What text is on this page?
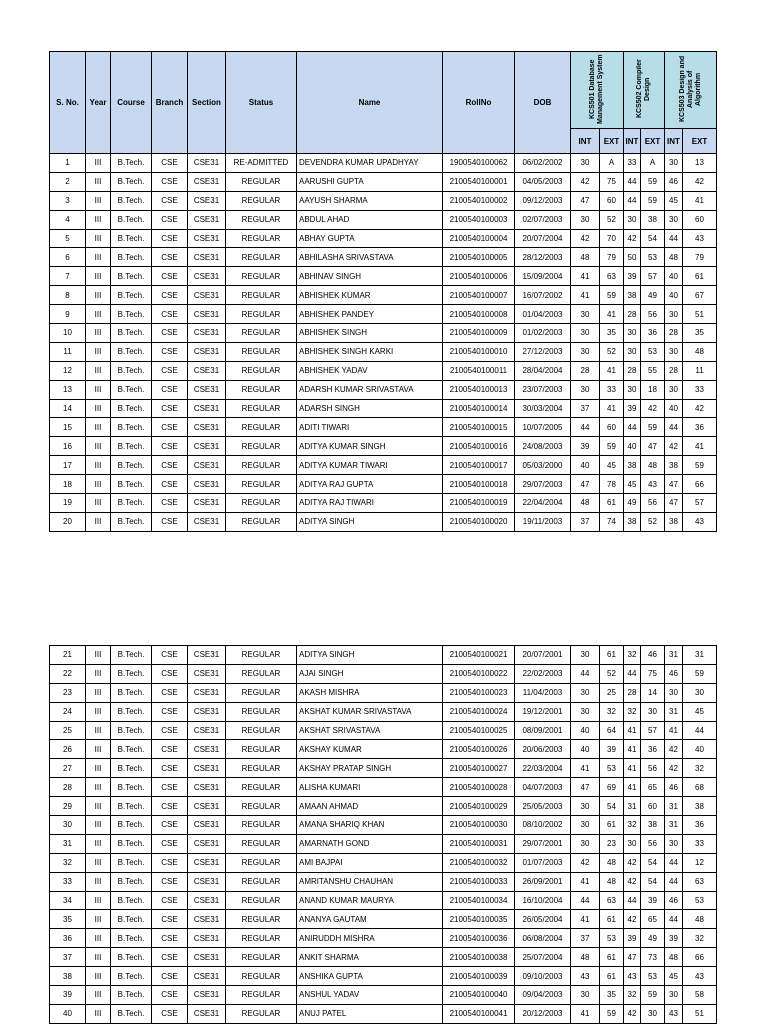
S. No.	Year	Course	Branch	Section	Status	Name	RollNo	DOB	KCS501 Database Management System		KCS502 Compiler Design		KCS503 Design and Analysis of Algorithm	
									INT	EXT	INT	EXT	INT	EXT
1	III	B.Tech.	CSE	CSE31	RE-ADMITTED	DEVENDRA KUMAR UPADHYAY	1900540100062	06/02/2002	30	A	33	A	30	13
2	III	B.Tech.	CSE	CSE31	REGULAR	AARUSHI GUPTA	2100540100001	04/05/2003	42	75	44	59	46	42
3	III	B.Tech.	CSE	CSE31	REGULAR	AAYUSH SHARMA	2100540100002	09/12/2003	47	60	44	59	45	41
4	III	B.Tech.	CSE	CSE31	REGULAR	ABDUL AHAD	2100540100003	02/07/2003	30	52	30	38	30	60
5	III	B.Tech.	CSE	CSE31	REGULAR	ABHAY GUPTA	2100540100004	20/07/2004	42	70	42	54	44	43
6	III	B.Tech.	CSE	CSE31	REGULAR	ABHILASHA SRIVASTAVA	2100540100005	28/12/2003	48	79	50	53	48	79
7	III	B.Tech.	CSE	CSE31	REGULAR	ABHINAV SINGH	2100540100006	15/09/2004	41	63	39	57	40	61
8	III	B.Tech.	CSE	CSE31	REGULAR	ABHISHEK KUMAR	2100540100007	16/07/2002	41	59	38	49	40	67
9	III	B.Tech.	CSE	CSE31	REGULAR	ABHISHEK PANDEY	2100540100008	01/04/2003	30	41	28	56	30	51
10	III	B.Tech.	CSE	CSE31	REGULAR	ABHISHEK SINGH	2100540100009	01/02/2003	30	35	30	36	28	35
11	III	B.Tech.	CSE	CSE31	REGULAR	ABHISHEK SINGH KARKI	2100540100010	27/12/2003	30	52	30	53	30	48
12	III	B.Tech.	CSE	CSE31	REGULAR	ABHISHEK YADAV	2100540100011	28/04/2004	28	41	28	55	28	11
13	III	B.Tech.	CSE	CSE31	REGULAR	ADARSH KUMAR SRIVASTAVA	2100540100013	23/07/2003	30	33	30	18	30	33
14	III	B.Tech.	CSE	CSE31	REGULAR	ADARSH SINGH	2100540100014	30/03/2004	37	41	39	42	40	42
15	III	B.Tech.	CSE	CSE31	REGULAR	ADITI TIWARI	2100540100015	10/07/2005	44	60	44	59	44	36
16	III	B.Tech.	CSE	CSE31	REGULAR	ADITYA KUMAR SINGH	2100540100016	24/08/2003	39	59	40	47	42	41
17	III	B.Tech.	CSE	CSE31	REGULAR	ADITYA KUMAR TIWARI	2100540100017	05/03/2000	40	45	38	48	38	59
18	III	B.Tech.	CSE	CSE31	REGULAR	ADITYA RAJ GUPTA	2100540100018	29/07/2003	47	78	45	43	47	66
19	III	B.Tech.	CSE	CSE31	REGULAR	ADITYA RAJ TIWARI	2100540100019	22/04/2004	48	61	49	56	47	57
20	III	B.Tech.	CSE	CSE31	REGULAR	ADITYA SINGH	2100540100020	19/11/2003	37	74	38	52	38	43
21	III	B.Tech.	CSE	CSE31	REGULAR	ADITYA SINGH	2100540100021	20/07/2001	30	61	32	46	31	31
22	III	B.Tech.	CSE	CSE31	REGULAR	AJAI SINGH	2100540100022	22/02/2003	44	52	44	75	46	59
23	III	B.Tech.	CSE	CSE31	REGULAR	AKASH MISHRA	2100540100023	11/04/2003	30	25	28	14	30	30
24	III	B.Tech.	CSE	CSE31	REGULAR	AKSHAT KUMAR SRIVASTAVA	2100540100024	19/12/2001	30	32	32	30	31	45
25	III	B.Tech.	CSE	CSE31	REGULAR	AKSHAT SRIVASTAVA	2100540100025	08/09/2001	40	64	41	57	41	44
26	III	B.Tech.	CSE	CSE31	REGULAR	AKSHAY KUMAR	2100540100026	20/06/2003	40	39	41	36	42	40
27	III	B.Tech.	CSE	CSE31	REGULAR	AKSHAY PRATAP SINGH	2100540100027	22/03/2004	41	53	41	56	42	32
28	III	B.Tech.	CSE	CSE31	REGULAR	ALISHA KUMARI	2100540100028	04/07/2003	47	69	41	65	46	68
29	III	B.Tech.	CSE	CSE31	REGULAR	AMAAN AHMAD	2100540100029	25/05/2003	30	54	31	60	31	38
30	III	B.Tech.	CSE	CSE31	REGULAR	AMANA SHARIQ KHAN	2100540100030	08/10/2002	30	61	32	38	31	36
31	III	B.Tech.	CSE	CSE31	REGULAR	AMARNATH GOND	2100540100031	29/07/2001	30	23	30	56	30	33
32	III	B.Tech.	CSE	CSE31	REGULAR	AMI BAJPAI	2100540100032	01/07/2003	42	48	42	54	44	12
33	III	B.Tech.	CSE	CSE31	REGULAR	AMRITANSHU CHAUHAN	2100540100033	26/09/2001	41	48	42	54	44	63
34	III	B.Tech.	CSE	CSE31	REGULAR	ANAND KUMAR MAURYA	2100540100034	16/10/2004	44	63	44	39	46	53
35	III	B.Tech.	CSE	CSE31	REGULAR	ANANYA GAUTAM	2100540100035	26/05/2004	41	61	42	65	44	48
36	III	B.Tech.	CSE	CSE31	REGULAR	ANIRUDDH MISHRA	2100540100036	06/08/2004	37	53	39	49	39	32
37	III	B.Tech.	CSE	CSE31	REGULAR	ANKIT SHARMA	2100540100038	25/07/2004	48	61	47	73	48	66
38	III	B.Tech.	CSE	CSE31	REGULAR	ANSHIKA GUPTA	2100540100039	09/10/2003	43	61	43	53	45	43
39	III	B.Tech.	CSE	CSE31	REGULAR	ANSHUL YADAV	2100540100040	09/04/2003	30	35	32	59	30	58
40	III	B.Tech.	CSE	CSE31	REGULAR	ANUJ PATEL	2100540100041	20/12/2003	41	59	42	30	43	51
